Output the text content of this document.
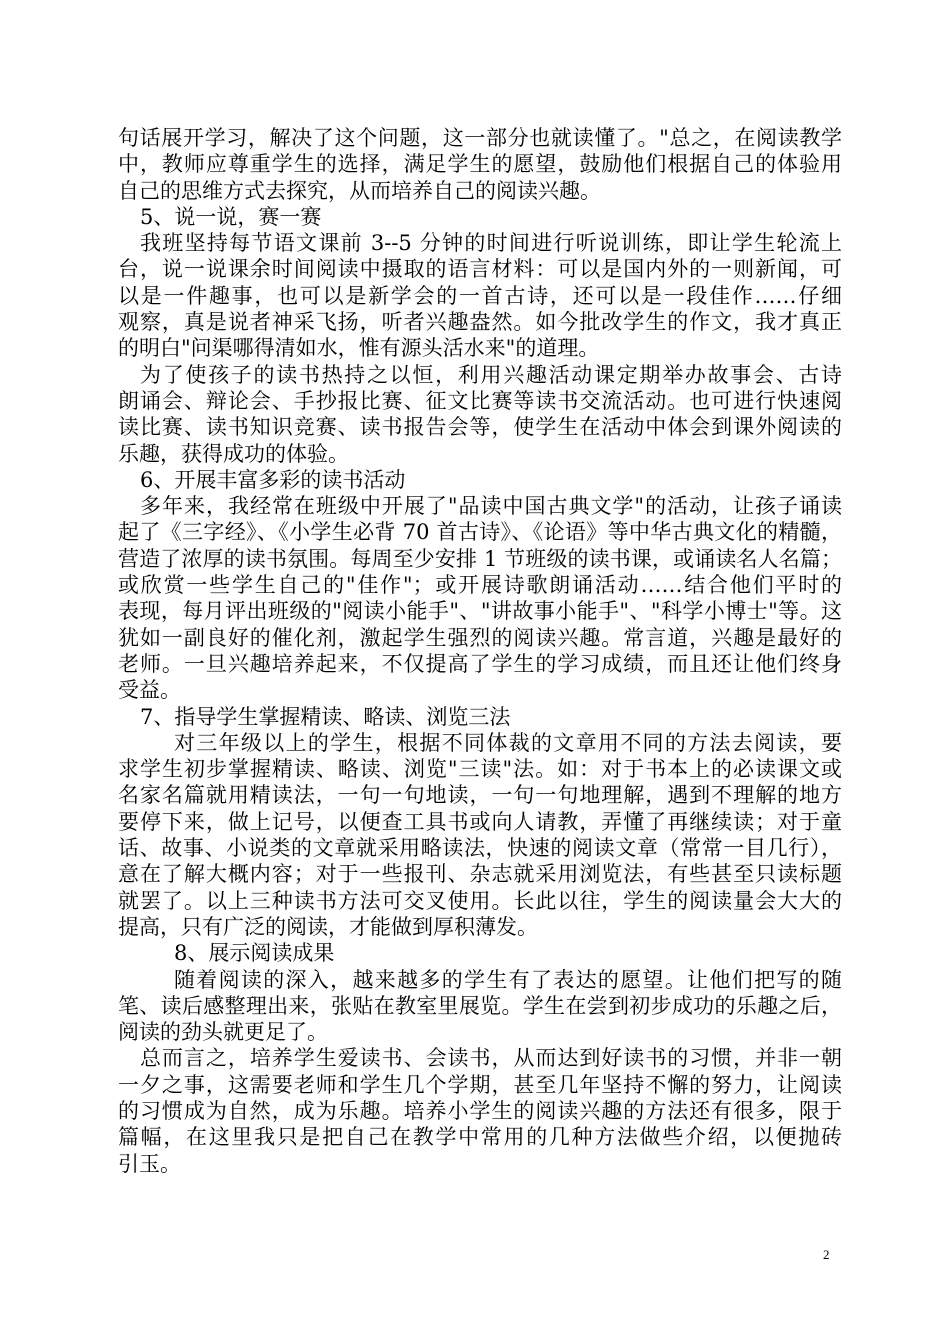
句话展开学习，解决了这个问题，这一部分也就读懂了。"总之，在阅读教学
中，教师应尊重学生的选择，满足学生的愿望，鼓励他们根据自己的体验用
自己的思维方式去探究，从而培养自己的阅读兴趣。
5、说一说，赛一赛
我班坚持每节语文课前 3--5 分钟的时间进行听说训练，即让学生轮流上
台，说一说课余时间阅读中摄取的语言材料：可以是国内外的一则新闻，可
以是一件趣事，也可以是新学会的一首古诗，还可以是一段佳作……仔细
观察，真是说者神采飞扬，听者兴趣盎然。如今批改学生的作文，我才真正
的明白"问渠哪得清如水，惟有源头活水来"的道理。
为了使孩子的读书热持之以恒，利用兴趣活动课定期举办故事会、古诗
朗诵会、辩论会、手抄报比赛、征文比赛等读书交流活动。也可进行快速阅
读比赛、读书知识竞赛、读书报告会等，使学生在活动中体会到课外阅读的
乐趣，获得成功的体验。
6、开展丰富多彩的读书活动
多年来，我经常在班级中开展了"品读中国古典文学"的活动，让孩子诵读
起了《三字经》、《小学生必背 70 首古诗》、《论语》等中华古典文化的精髓，
营造了浓厚的读书氛围。每周至少安排 1 节班级的读书课，或诵读名人名篇；
或欣赏一些学生自己的"佳作"；或开展诗歌朗诵活动……结合他们平时的
表现，每月评出班级的"阅读小能手"、"讲故事小能手"、"科学小博士"等。这
犹如一副良好的催化剂，激起学生强烈的阅读兴趣。常言道，兴趣是最好的
老师。一旦兴趣培养起来，不仅提高了学生的学习成绩，而且还让他们终身
受益。
7、指导学生掌握精读、略读、浏览三法
对三年级以上的学生，根据不同体裁的文章用不同的方法去阅读，要
求学生初步掌握精读、略读、浏览"三读"法。如：对于书本上的必读课文或
名家名篇就用精读法，一句一句地读，一句一句地理解，遇到不理解的地方
要停下来，做上记号，以便查工具书或向人请教，弄懂了再继续读；对于童
话、故事、小说类的文章就采用略读法，快速的阅读文章（常常一目几行），
意在了解大概内容；对于一些报刊、杂志就采用浏览法，有些甚至只读标题
就罢了。以上三种读书方法可交叉使用。长此以往，学生的阅读量会大大的
提高，只有广泛的阅读，才能做到厚积薄发。
8、展示阅读成果
随着阅读的深入，越来越多的学生有了表达的愿望。让他们把写的随
笔、读后感整理出来，张贴在教室里展览。学生在尝到初步成功的乐趣之后，
阅读的劲头就更足了。
总而言之，培养学生爱读书、会读书，从而达到好读书的习惯，并非一朝
一夕之事，这需要老师和学生几个学期，甚至几年坚持不懈的努力，让阅读
的习惯成为自然，成为乐趣。培养小学生的阅读兴趣的方法还有很多，限于
篇幅，在这里我只是把自己在教学中常用的几种方法做些介绍，以便抛砖
引玉。
2
